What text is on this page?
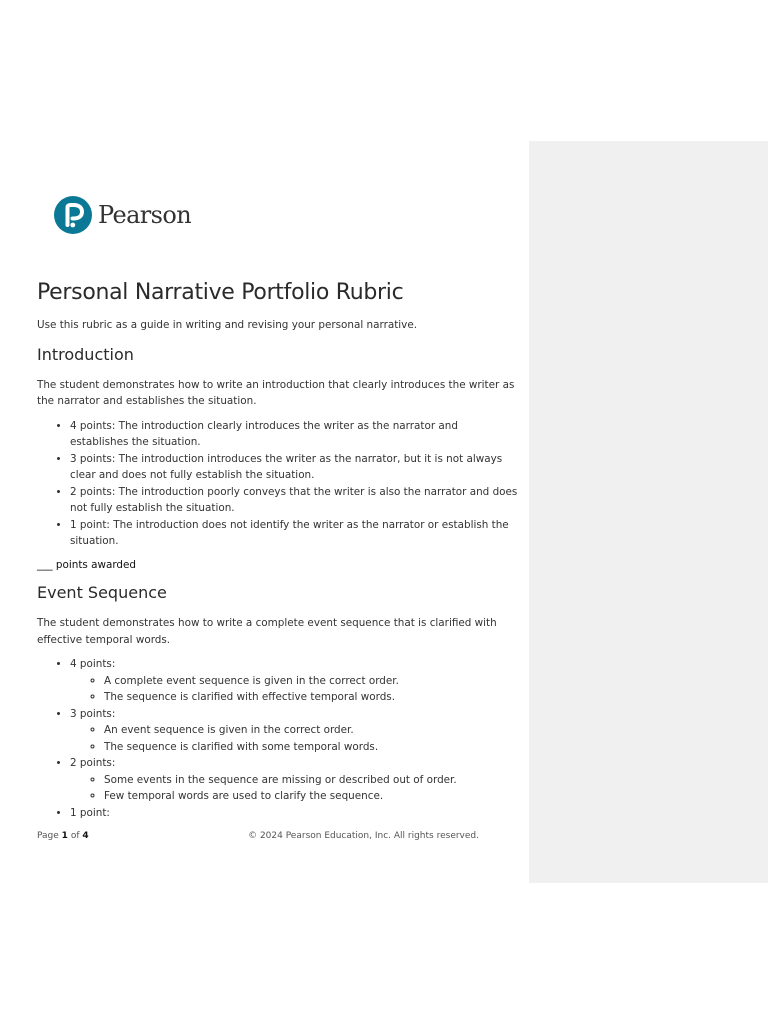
Pearson
Personal Narrative Portfolio Rubric

Use this rubric as a guide in writing and revising your personal narrative.

Introduction

The student demonstrates how to write an introduction that clearly introduces the writer as the narrator and establishes the situation.

• 4 points: The introduction clearly introduces the writer as the narrator and establishes the situation.
• 3 points: The introduction introduces the writer as the narrator, but it is not always clear and does not fully establish the situation.
• 2 points: The introduction poorly conveys that the writer is also the narrator and does not fully establish the situation.
• 1 point: The introduction does not identify the writer as the narrator or establish the situation.

___ points awarded

Event Sequence

The student demonstrates how to write a complete event sequence that is clarified with effective temporal words.

• 4 points:
◦ A complete event sequence is given in the correct order.
◦ The sequence is clarified with effective temporal words.
• 3 points:
◦ An event sequence is given in the correct order.
◦ The sequence is clarified with some temporal words.
• 2 points:
◦ Some events in the sequence are missing or described out of order.
◦ Few temporal words are used to clarify the sequence.
• 1 point:
Page 1 of 4	© 2024 Pearson Education, Inc. All rights reserved.
